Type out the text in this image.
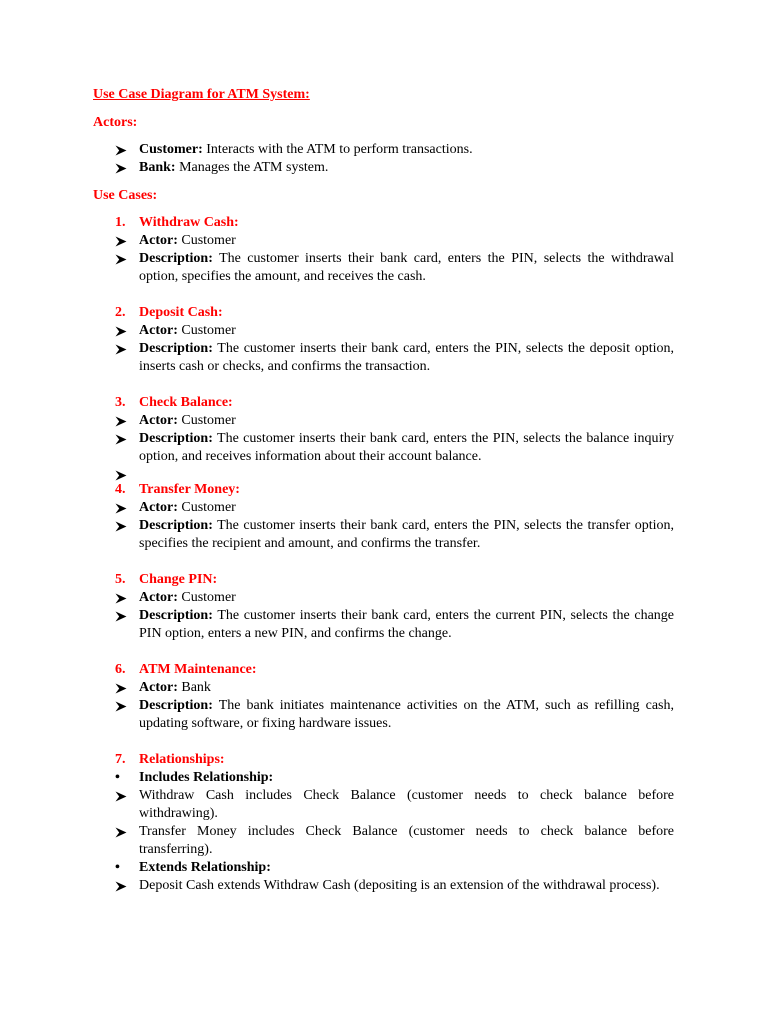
Use Case Diagram for ATM System:
Actors:
Customer: Interacts with the ATM to perform transactions.
Bank: Manages the ATM system.
Use Cases:
1. Withdraw Cash:
Actor: Customer
Description: The customer inserts their bank card, enters the PIN, selects the withdrawal option, specifies the amount, and receives the cash.
2. Deposit Cash:
Actor: Customer
Description: The customer inserts their bank card, enters the PIN, selects the deposit option, inserts cash or checks, and confirms the transaction.
3. Check Balance:
Actor: Customer
Description: The customer inserts their bank card, enters the PIN, selects the balance inquiry option, and receives information about their account balance.
4. Transfer Money:
Actor: Customer
Description: The customer inserts their bank card, enters the PIN, selects the transfer option, specifies the recipient and amount, and confirms the transfer.
5. Change PIN:
Actor: Customer
Description: The customer inserts their bank card, enters the current PIN, selects the change PIN option, enters a new PIN, and confirms the change.
6. ATM Maintenance:
Actor: Bank
Description: The bank initiates maintenance activities on the ATM, such as refilling cash, updating software, or fixing hardware issues.
7. Relationships:
•	Includes Relationship:
Withdraw Cash includes Check Balance (customer needs to check balance before withdrawing).
Transfer Money includes Check Balance (customer needs to check balance before transferring).
•	Extends Relationship:
Deposit Cash extends Withdraw Cash (depositing is an extension of the withdrawal process).
